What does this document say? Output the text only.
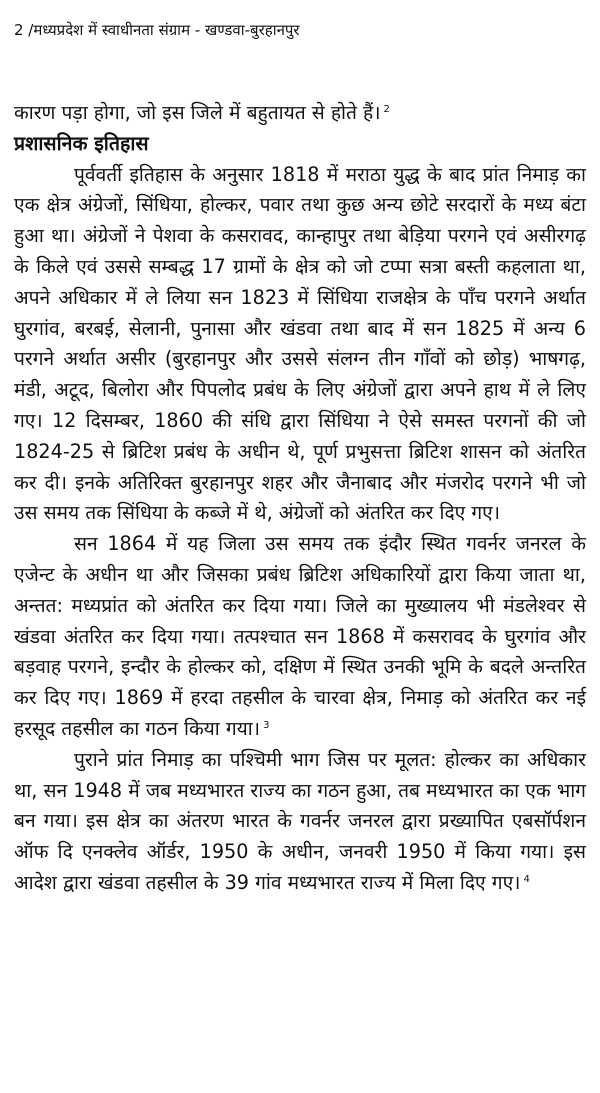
2 /मध्यप्रदेश में स्वाधीनता संग्राम - खण्डवा-बुरहानपुर

कारण पड़ा होगा, जो इस जिले में बहुतायत से होते हैं। $^2$

प्रशासनिक इतिहास

पूर्ववर्ती इतिहास के अनुसार 1818 में मराठा युद्ध के बाद प्रांत निमाड़ का एक क्षेत्र अंग्रेजों, सिंधिया, होल्कर, पवार तथा कुछ अन्य छोटे सरदारों के मध्य बंटा हुआ था। अंग्रेजों ने पेशवा के कसरावद, कान्हापुर तथा बेड़िया परगने एवं असीरगढ़ के किले एवं उससे सम्बद्ध 17 ग्रामों के क्षेत्र को जो टप्पा सत्रा बस्ती कहलाता था, अपने अधिकार में ले लिया सन 1823 में सिंधिया राजक्षेत्र के पाँच परगने अर्थात घुरगांव, बरबई, सेलानी, पुनासा और खंडवा तथा बाद में सन 1825 में अन्य 6 परगने अर्थात असीर (बुरहानपुर और उससे संलग्न तीन गाँवों को छोड़) भाषगढ़, मंडी, अटूद, बिलोरा और पिपलोद प्रबंध के लिए अंग्रेजों द्वारा अपने हाथ में ले लिए गए। 12 दिसम्बर, 1860 की संधि द्वारा सिंधिया ने ऐसे समस्त परगनों की जो 1824-25 से ब्रिटिश प्रबंध के अधीन थे, पूर्ण प्रभुसत्ता ब्रिटिश शासन को अंतरित कर दी। इनके अतिरिक्त बुरहानपुर शहर और जैनाबाद और मंजरोद परगने भी जो उस समय तक सिंधिया के कब्जे में थे, अंग्रेजों को अंतरित कर दिए गए।

सन 1864 में यह जिला उस समय तक इंदौर स्थित गवर्नर जनरल के एजेन्ट के अधीन था और जिसका प्रबंध ब्रिटिश अधिकारियों द्वारा किया जाता था, अन्तत: मध्यप्रांत को अंतरित कर दिया गया। जिले का मुख्यालय भी मंडलेश्वर से खंडवा अंतरित कर दिया गया। तत्पश्चात सन 1868 में कसरावद के घुरगांव और बड़वाह परगने, इन्दौर के होल्कर को, दक्षिण में स्थित उनकी भूमि के बदले अन्तरित कर दिए गए। 1869 में हरदा तहसील के चारवा क्षेत्र, निमाड़ को अंतरित कर नई हरसूद तहसील का गठन किया गया। $^3$

पुराने प्रांत निमाड़ का पश्चिमी भाग जिस पर मूलत: होल्कर का अधिकार था, सन 1948 में जब मध्यभारत राज्य का गठन हुआ, तब मध्यभारत का एक भाग बन गया। इस क्षेत्र का अंतरण भारत के गवर्नर जनरल द्वारा प्रख्यापित एबसॉर्पशन ऑफ दि एनक्लेव ऑर्डर, 1950 के अधीन, जनवरी 1950 में किया गया। इस आदेश द्वारा खंडवा तहसील के 39 गांव मध्यभारत राज्य में मिला दिए गए। $^4$
